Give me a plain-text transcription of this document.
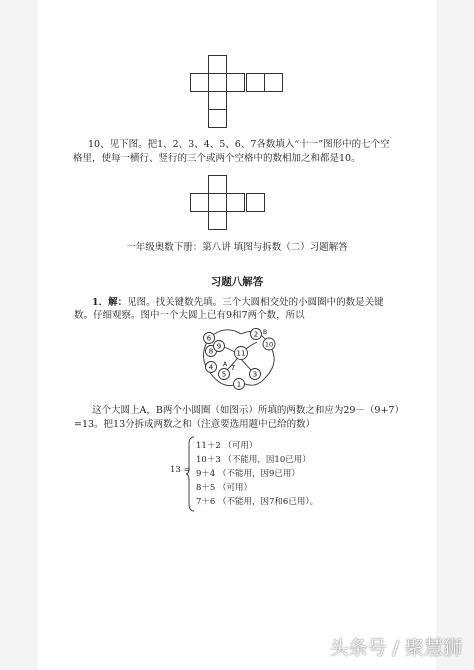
10、见下图。把1、2、3、4、5、6、7各数填入“十一”图形中的七个空
格里，使每一横行、竖行的三个或两个空格中的数相加之和都是10。
一年级奥数下册：第八讲 填图与拆数（二）习题解答
习题八解答
1．解：见图。找关键数先填。三个大圆相交处的小圆圈中的数是关键
数。仔细观察。图中一个大圆上已有9和7两个数，所以
6
8
4
9
11
2 B
10
A
5
7
3
1
这个大圆上A，B两个小圆圈（如图示）所填的两数之和应为29－（9+7）
=13。把13分拆成两数之和（注意要选用题中已给的数）
13 =
11＋2 （可用）
10＋3 （不能用，因10已用）
9＋4 （不能用，因9已用）
8＋5 （可用）
7＋6 （不能用，因7和6已用）。
头条号 / 聚慧狮
